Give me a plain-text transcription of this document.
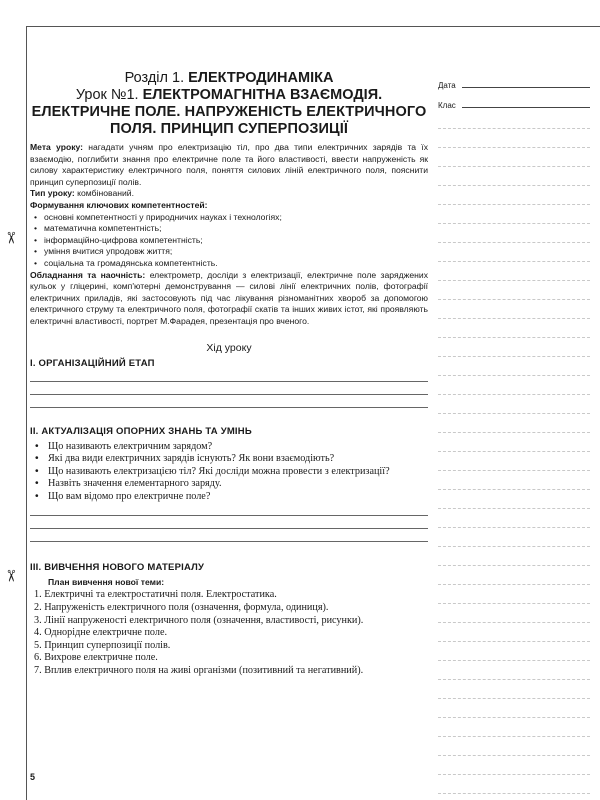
✂
✂
Розділ 1. ЕЛЕКТРОДИНАМІКА
Урок №1. ЕЛЕКТРОМАГНІТНА ВЗАЄМОДІЯ.
ЕЛЕКТРИЧНЕ ПОЛЕ. НАПРУЖЕНІСТЬ ЕЛЕКТРИЧНОГО
ПОЛЯ. ПРИНЦИП СУПЕРПОЗИЦІЇ
Мета уроку: нагадати учням про електризацію тіл, про два типи електричних зарядів та їх взаємодію, поглибити знання про електричне поле та його властивості, ввести напруженість як силову характеристику електричного поля, поняття силових ліній електричного поля, пояснити принцип суперпозиції полів.
Тип уроку: комбінований.
Формування ключових компетентностей:
• основні компетентності у природничих науках і технологіях;
• математична компетентність;
• інформаційно-цифрова компетентність;
• уміння вчитися упродовж життя;
• соціальна та громадянська компетентність.
Обладнання та наочність: електрометр, досліди з електризації, електричне поле заряджених кульок у гліцерині, комп'ютерні демонстрування — силові лінії електричних полів, фотографії електричних приладів, які застосовують під час лікування різноманітних хвороб за допомогою електричного струму та електричного поля, фотографії скатів та інших живих істот, які проявляють електричні властивості, портрет М.Фарадея, презентація про вченого.
Хід уроку
I. ОРГАНІЗАЦІЙНИЙ ЕТАП
II. АКТУАЛІЗАЦІЯ ОПОРНИХ ЗНАНЬ ТА УМІНЬ
• Що називають електричним зарядом?
• Які два види електричних зарядів існують? Як вони взаємодіють?
• Що називають електризацією тіл? Які досліди можна провести з електризації?
• Назвіть значення елементарного заряду.
• Що вам відомо про електричне поле?
III. ВИВЧЕННЯ НОВОГО МАТЕРІАЛУ
План вивчення нової теми:
1. Електричні та електростатичні поля. Електростатика.
2. Напруженість електричного поля (означення, формула, одиниця).
3. Лінії напруженості електричного поля (означення, властивості, рисунки).
4. Однорідне електричне поле.
5. Принцип суперпозиції полів.
6. Вихрове електричне поле.
7. Вплив електричного поля на живі організми (позитивний та негативний).
Дата
Клас
5
